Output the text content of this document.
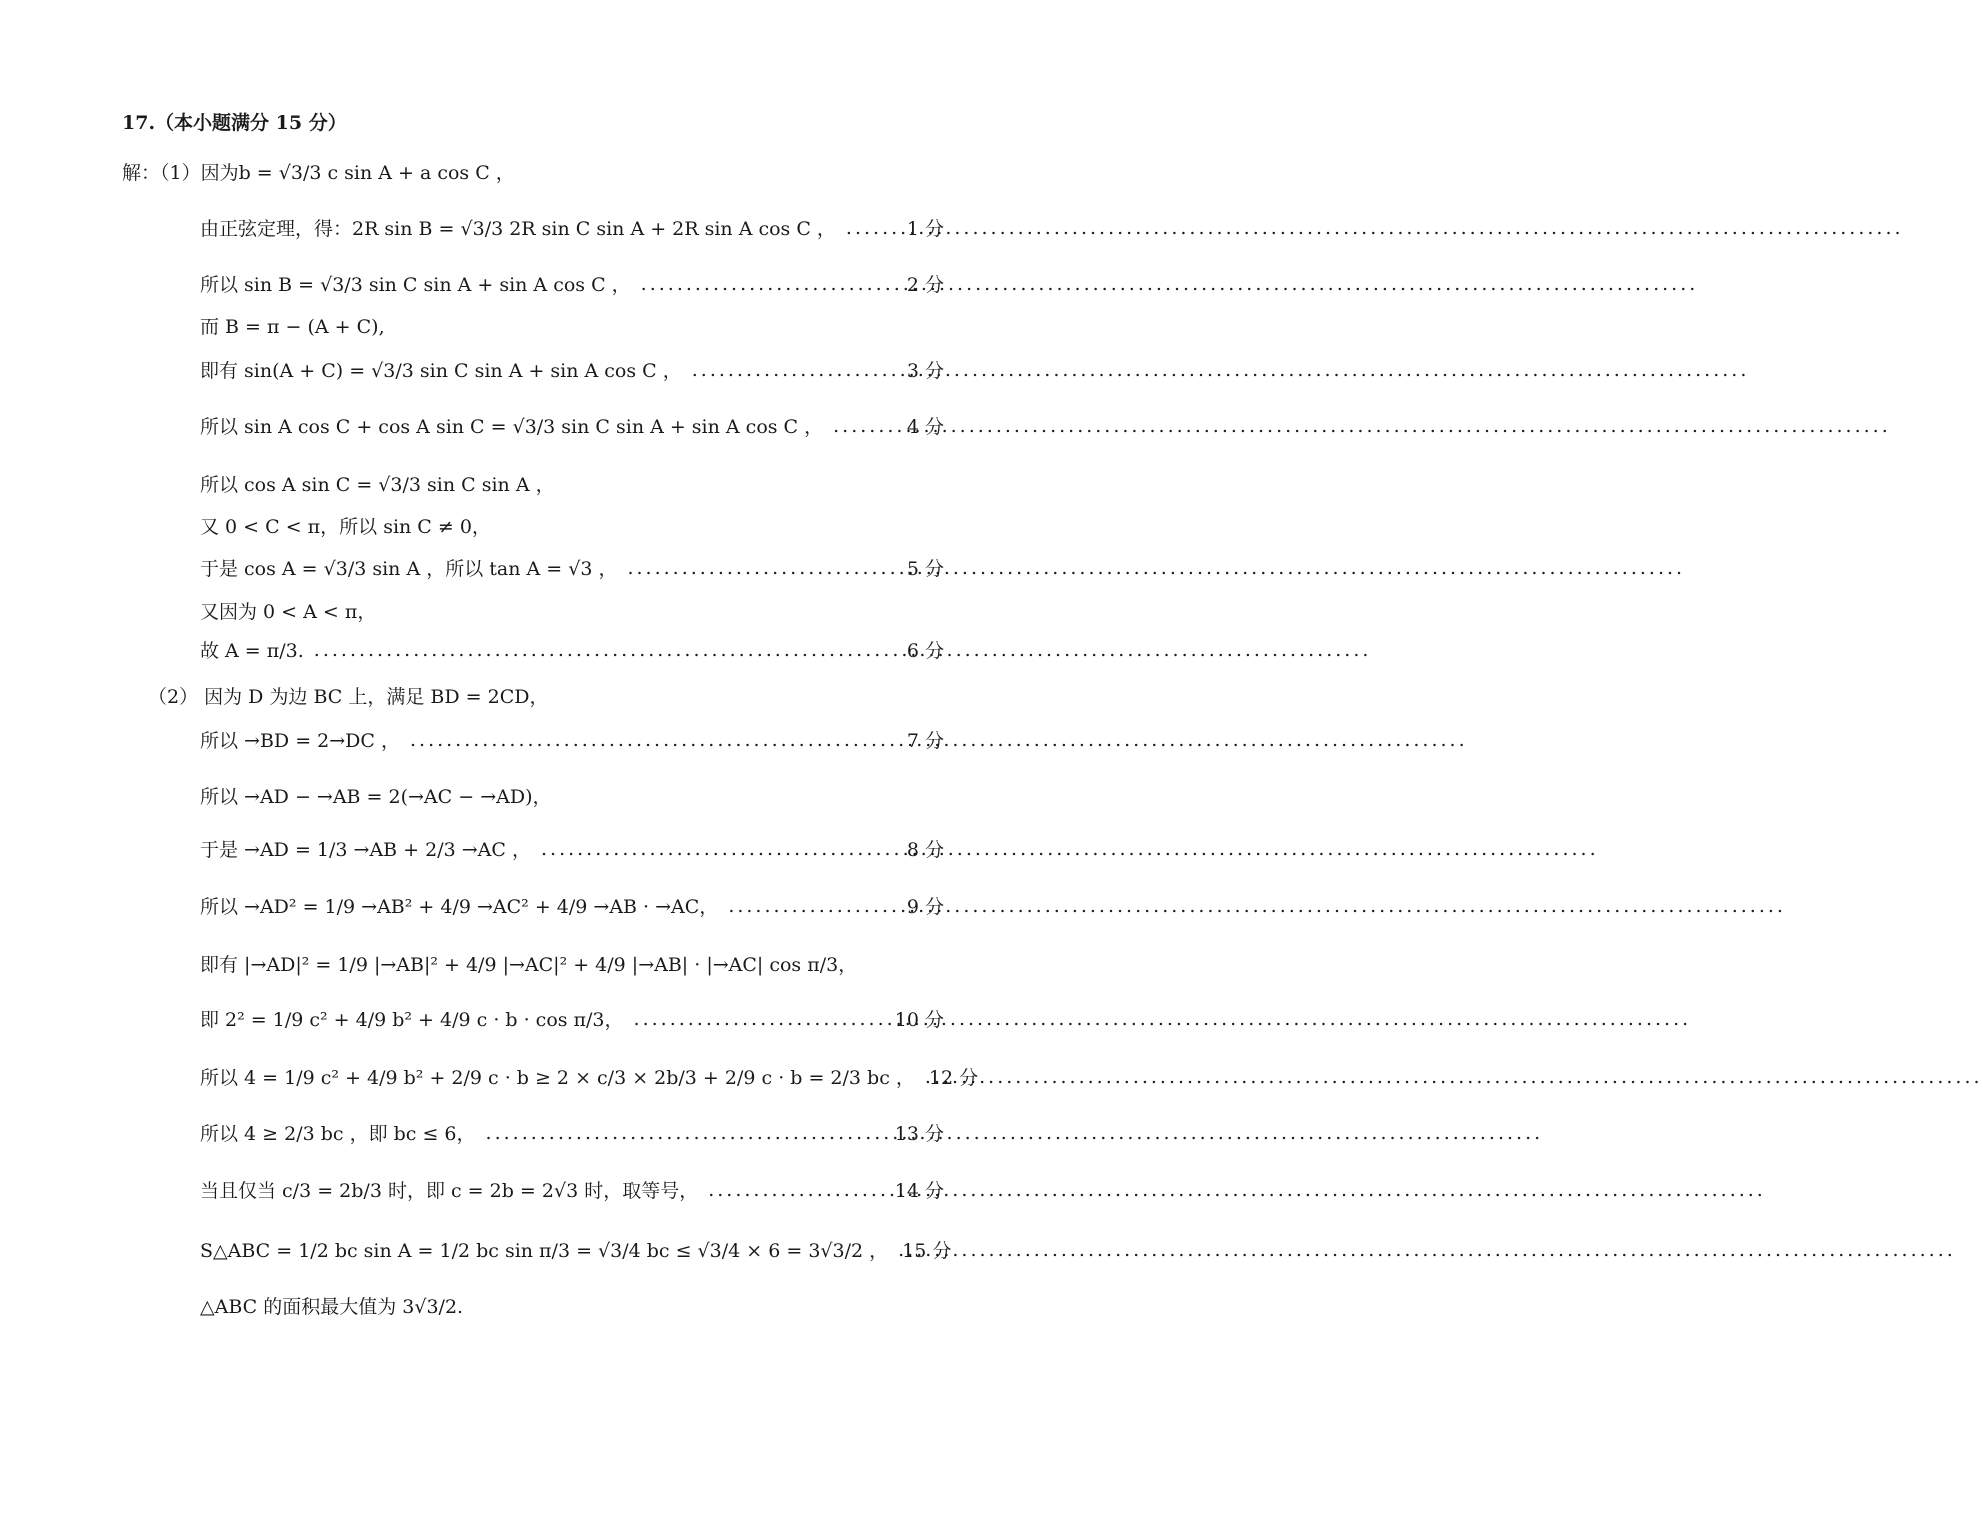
17.（本小题满分 15 分）
解：（1）因为b = √3/3 c sin A + a cos C ，
由正弦定理，得：2R sin B = √3/3 2R sin C sin A + 2R sin A cos C ， .....	1 分
所以 sin B = √3/3 sin C sin A + sin A cos C ， .....	2 分
而 B = π − (A + C),
即有 sin(A + C) = √3/3 sin C sin A + sin A cos C ， .....	3 分
所以 sin A cos C + cos A sin C = √3/3 sin C sin A + sin A cos C ， .....	4 分
所以 cos A sin C = √3/3 sin C sin A ，
又 0 < C < π，所以 sin C ≠ 0，
于是 cos A = √3/3 sin A ，所以 tan A = √3 ， .....	5 分
又因为 0 < A < π，
故 A = π/3. .....	6 分
（2） 因为 D 为边 BC 上，满足 BD = 2CD，
所以 →BD = 2→DC ， .....	7 分
所以 →AD − →AB = 2(→AC − →AD)，
于是 →AD = 1/3 →AB + 2/3 →AC ， .....	8 分
所以 →AD² = 1/9 →AB² + 4/9 →AC² + 4/9 →AB · →AC， .....	9 分
即有 |→AD|² = 1/9 |→AB|² + 4/9 |→AC|² + 4/9 |→AB| · |→AC| cos π/3，
即 2² = 1/9 c² + 4/9 b² + 4/9 c · b · cos π/3， .....	10 分
所以 4 = 1/9 c² + 4/9 b² + 2/9 c · b ≥ 2 × c/3 × 2b/3 + 2/9 c · b = 2/3 bc ， 12 分
所以 4 ≥ 2/3 bc ，即 bc ≤ 6， .....	13 分
当且仅当 c/3 = 2b/3 时，即 c = 2b = 2√3 时，取等号， .....	14 分
S△ABC = 1/2 bc sin A = 1/2 bc sin π/3 = √3/4 bc ≤ √3/4 × 6 = 3√3/2 ， 15 分
△ABC 的面积最大值为 3√3/2.
